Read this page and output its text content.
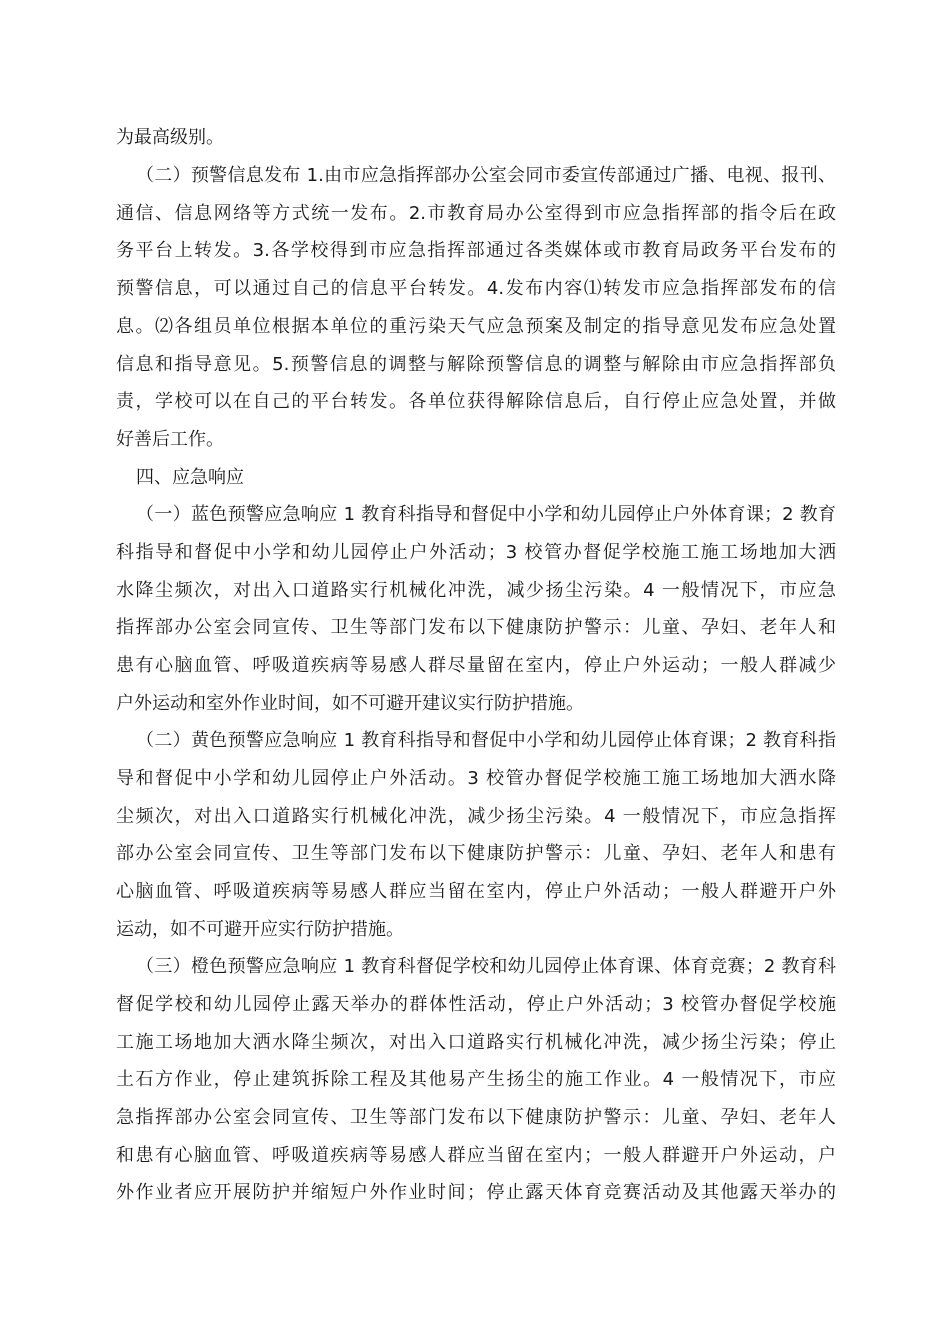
为最高级别。
（二）预警信息发布 1.由市应急指挥部办公室会同市委宣传部通过广播、电视、报刊、
通信、信息网络等方式统一发布。2.市教育局办公室得到市应急指挥部的指令后在政
务平台上转发。3.各学校得到市应急指挥部通过各类媒体或市教育局政务平台发布的
预警信息，可以通过自己的信息平台转发。4.发布内容⑴转发市应急指挥部发布的信
息。⑵各组员单位根据本单位的重污染天气应急预案及制定的指导意见发布应急处置
信息和指导意见。5.预警信息的调整与解除预警信息的调整与解除由市应急指挥部负
责，学校可以在自己的平台转发。各单位获得解除信息后，自行停止应急处置，并做
好善后工作。
四、应急响应
（一）蓝色预警应急响应 1 教育科指导和督促中小学和幼儿园停止户外体育课；2 教育
科指导和督促中小学和幼儿园停止户外活动；3 校管办督促学校施工施工场地加大洒
水降尘频次，对出入口道路实行机械化冲洗，减少扬尘污染。4 一般情况下，市应急
指挥部办公室会同宣传、卫生等部门发布以下健康防护警示：儿童、孕妇、老年人和
患有心脑血管、呼吸道疾病等易感人群尽量留在室内，停止户外运动；一般人群减少
户外运动和室外作业时间，如不可避开建议实行防护措施。
（二）黄色预警应急响应 1 教育科指导和督促中小学和幼儿园停止体育课；2 教育科指
导和督促中小学和幼儿园停止户外活动。3 校管办督促学校施工施工场地加大洒水降
尘频次，对出入口道路实行机械化冲洗，减少扬尘污染。4 一般情况下，市应急指挥
部办公室会同宣传、卫生等部门发布以下健康防护警示：儿童、孕妇、老年人和患有
心脑血管、呼吸道疾病等易感人群应当留在室内，停止户外活动；一般人群避开户外
运动，如不可避开应实行防护措施。
（三）橙色预警应急响应 1 教育科督促学校和幼儿园停止体育课、体育竞赛；2 教育科
督促学校和幼儿园停止露天举办的群体性活动，停止户外活动；3 校管办督促学校施
工施工场地加大洒水降尘频次，对出入口道路实行机械化冲洗，减少扬尘污染；停止
土石方作业，停止建筑拆除工程及其他易产生扬尘的施工作业。4 一般情况下，市应
急指挥部办公室会同宣传、卫生等部门发布以下健康防护警示：儿童、孕妇、老年人
和患有心脑血管、呼吸道疾病等易感人群应当留在室内；一般人群避开户外运动，户
外作业者应开展防护并缩短户外作业时间；停止露天体育竞赛活动及其他露天举办的
